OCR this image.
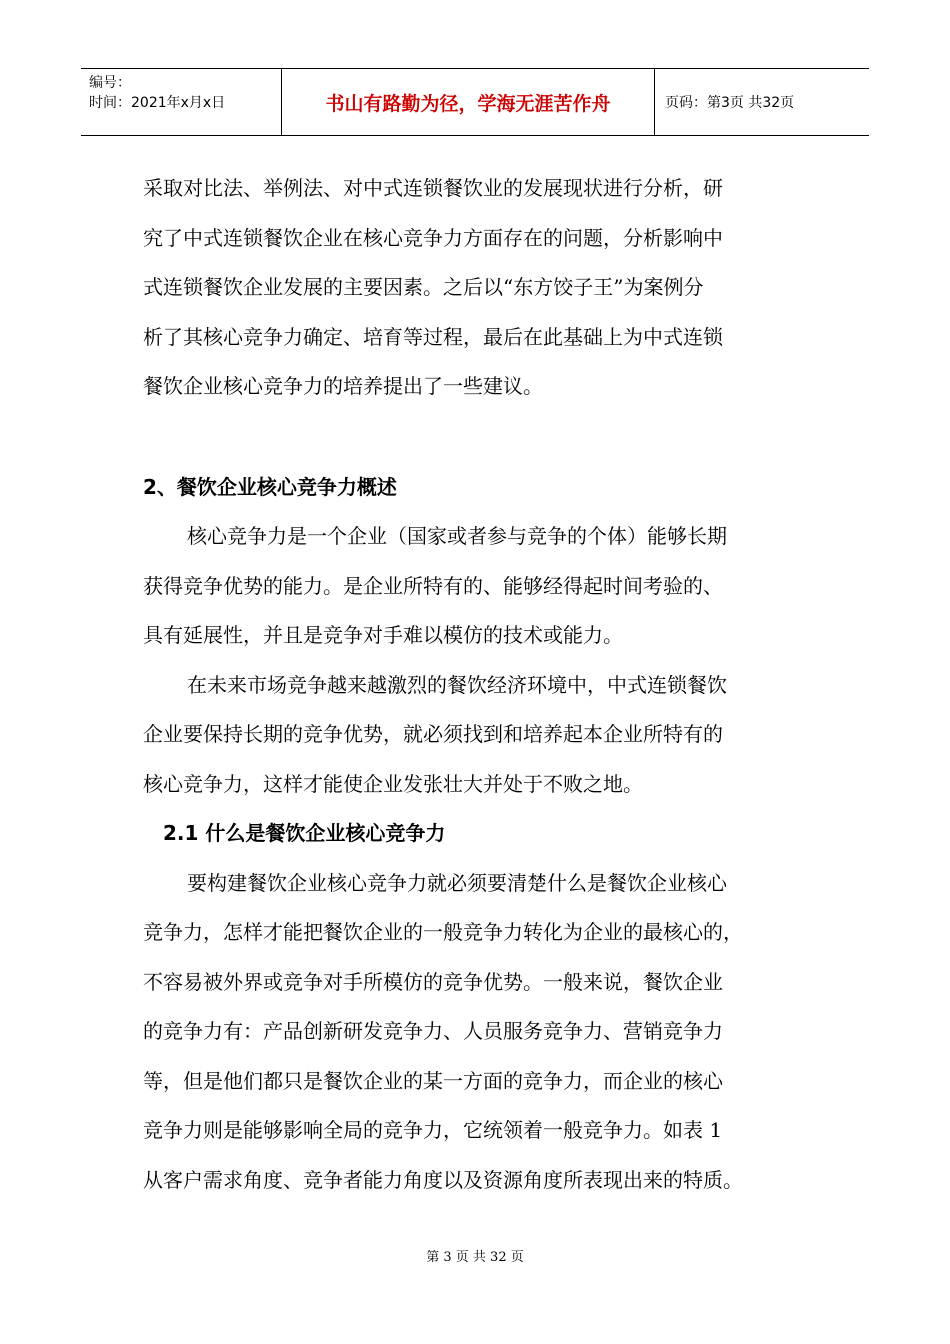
编号：
时间：2021年x月x日	书山有路勤为径，学海无涯苦作舟	页码：第3页 共32页
采取对比法、举例法、对中式连锁餐饮业的发展现状进行分析，研
究了中式连锁餐饮企业在核心竞争力方面存在的问题，分析影响中
式连锁餐饮企业发展的主要因素。之后以“东方饺子王”为案例分
析了其核心竞争力确定、培育等过程，最后在此基础上为中式连锁
餐饮企业核心竞争力的培养提出了一些建议。
2、餐饮企业核心竞争力概述
核心竞争力是一个企业（国家或者参与竞争的个体）能够长期
获得竞争优势的能力。是企业所特有的、能够经得起时间考验的、
具有延展性，并且是竞争对手难以模仿的技术或能力。
在未来市场竞争越来越激烈的餐饮经济环境中，中式连锁餐饮
企业要保持长期的竞争优势，就必须找到和培养起本企业所特有的
核心竞争力，这样才能使企业发张壮大并处于不败之地。
2.1 什么是餐饮企业核心竞争力
要构建餐饮企业核心竞争力就必须要清楚什么是餐饮企业核心
竞争力，怎样才能把餐饮企业的一般竞争力转化为企业的最核心的，
不容易被外界或竞争对手所模仿的竞争优势。一般来说，餐饮企业
的竞争力有：产品创新研发竞争力、人员服务竞争力、营销竞争力
等，但是他们都只是餐饮企业的某一方面的竞争力，而企业的核心
竞争力则是能够影响全局的竞争力，它统领着一般竞争力。如表 1
从客户需求角度、竞争者能力角度以及资源角度所表现出来的特质。
第 3 页 共 32 页
